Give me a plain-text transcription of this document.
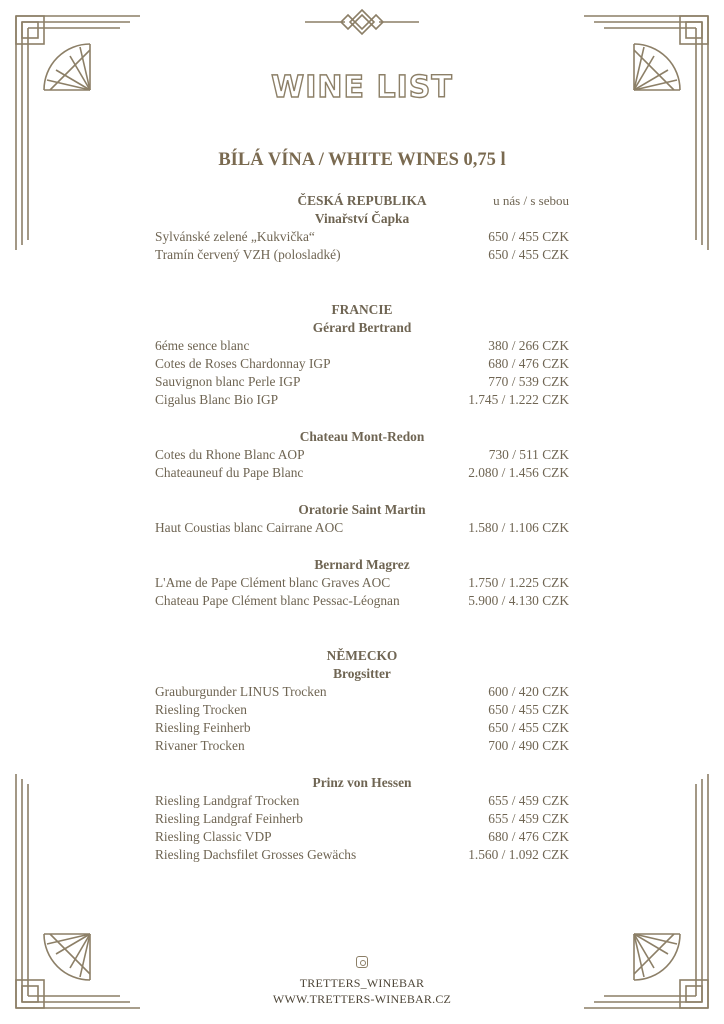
WINE LIST
BÍLÁ VÍNA / WHITE WINES 0,75 l
u nás / s sebou
ČESKÁ REPUBLIKA
Vinařství Čapka
Sylvánské zelené „Kukvička“	650 / 455 CZK
Tramín červený VZH (polosladké)	650 / 455 CZK
FRANCIE
Gérard Bertrand
6éme sence blanc	380 / 266 CZK
Cotes de Roses Chardonnay IGP	680 / 476 CZK
Sauvignon blanc Perle IGP	770 / 539 CZK
Cigalus Blanc Bio IGP	1.745 / 1.222 CZK
Chateau Mont-Redon
Cotes du Rhone Blanc AOP	730 / 511 CZK
Chateauneuf du Pape Blanc	2.080 / 1.456 CZK
Oratorie Saint Martin
Haut Coustias blanc Cairrane AOC	1.580 / 1.106 CZK
Bernard Magrez
L'Ame de Pape Clément blanc Graves AOC	1.750 / 1.225 CZK
Chateau Pape Clément blanc Pessac-Léognan	5.900 / 4.130 CZK
NĚMECKO
Brogsitter
Grauburgunder LINUS Trocken	600 / 420 CZK
Riesling Trocken	650 / 455 CZK
Riesling Feinherb	650 / 455 CZK
Rivaner Trocken	700 / 490 CZK
Prinz von Hessen
Riesling Landgraf Trocken	655 / 459 CZK
Riesling Landgraf Feinherb	655 / 459 CZK
Riesling Classic VDP	680 / 476 CZK
Riesling Dachsfilet Grosses Gewächs	1.560 / 1.092 CZK
TRETTERS_WINEBAR
WWW.TRETTERS-WINEBAR.CZ
